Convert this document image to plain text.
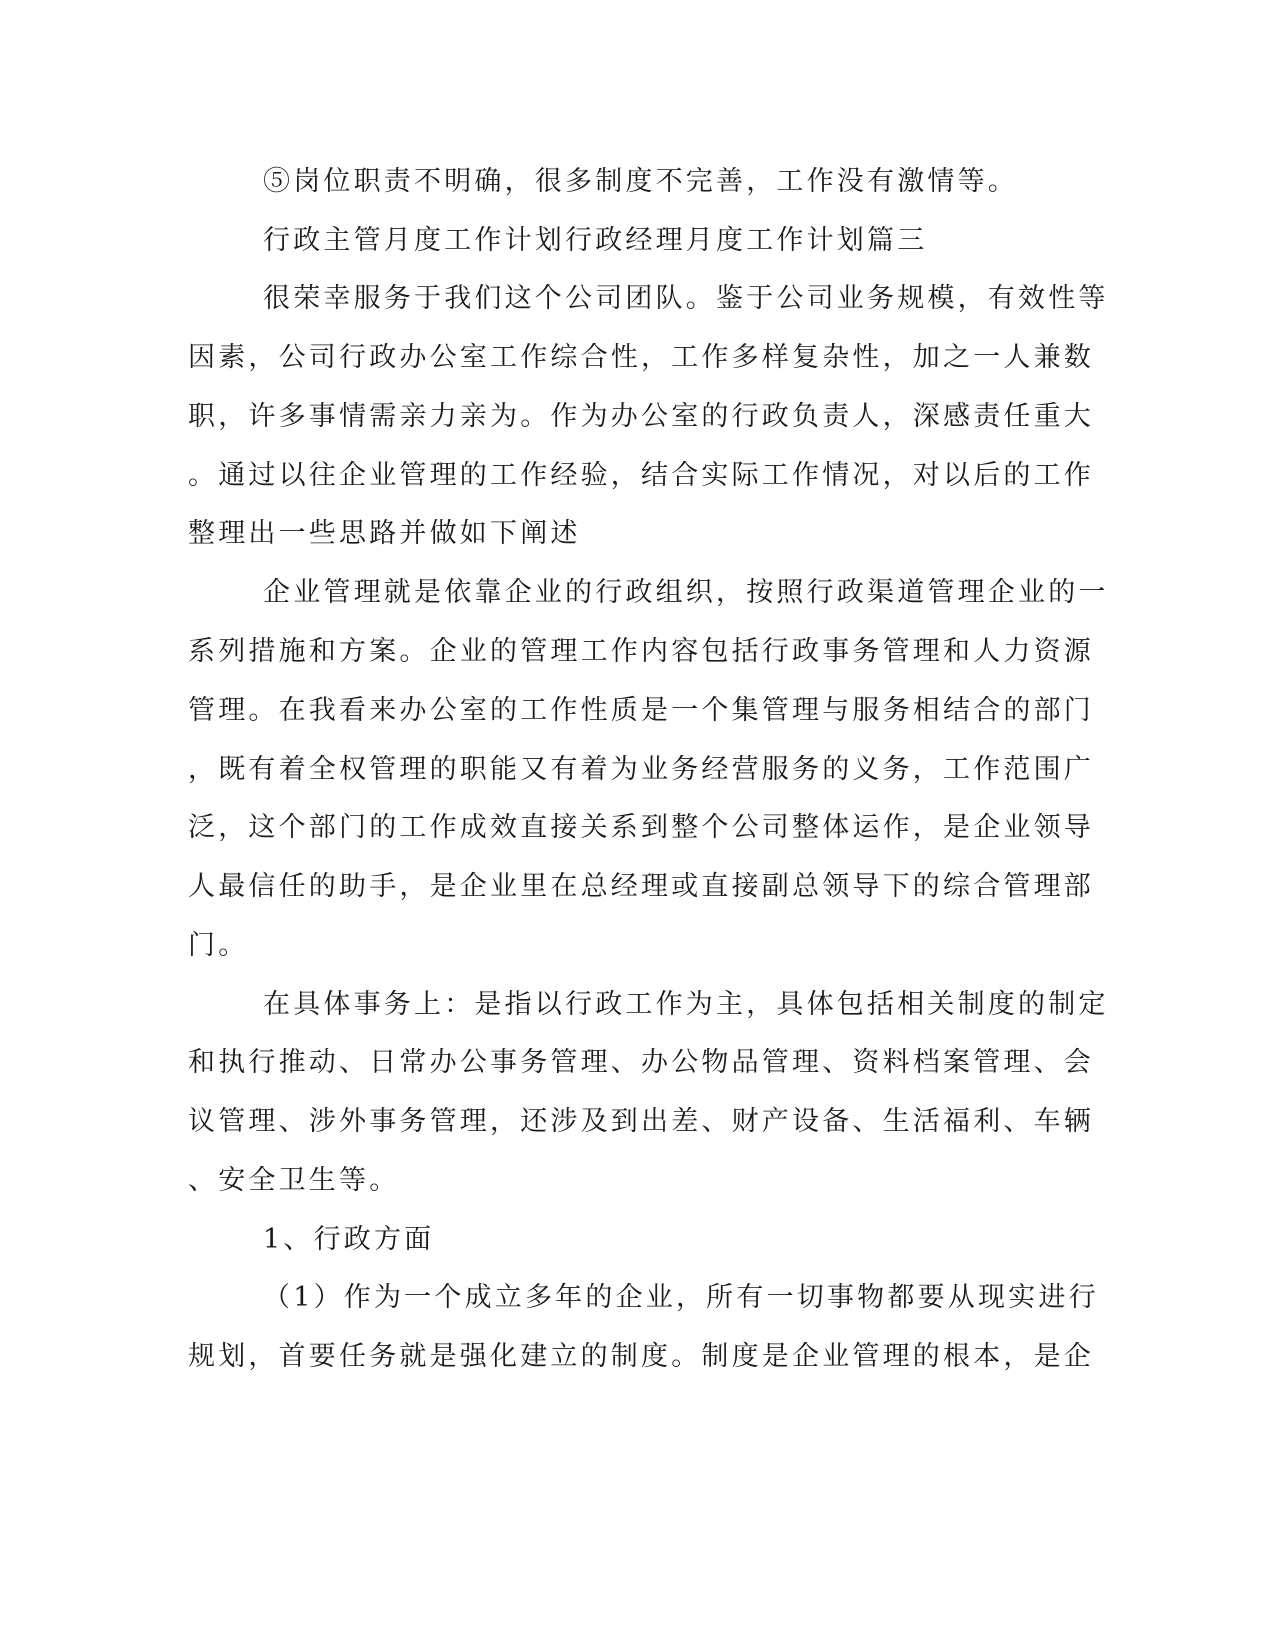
⑤岗位职责不明确，很多制度不完善，工作没有激情等。
行政主管月度工作计划行政经理月度工作计划篇三
很荣幸服务于我们这个公司团队。鉴于公司业务规模，有效性等
因素，公司行政办公室工作综合性，工作多样复杂性，加之一人兼数
职，许多事情需亲力亲为。作为办公室的行政负责人，深感责任重大
。通过以往企业管理的工作经验，结合实际工作情况，对以后的工作
整理出一些思路并做如下阐述
企业管理就是依靠企业的行政组织，按照行政渠道管理企业的一
系列措施和方案。企业的管理工作内容包括行政事务管理和人力资源
管理。在我看来办公室的工作性质是一个集管理与服务相结合的部门
，既有着全权管理的职能又有着为业务经营服务的义务，工作范围广
泛，这个部门的工作成效直接关系到整个公司整体运作，是企业领导
人最信任的助手，是企业里在总经理或直接副总领导下的综合管理部
门。
在具体事务上：是指以行政工作为主，具体包括相关制度的制定
和执行推动、日常办公事务管理、办公物品管理、资料档案管理、会
议管理、涉外事务管理，还涉及到出差、财产设备、生活福利、车辆
、安全卫生等。
1、行政方面
（1）作为一个成立多年的企业，所有一切事物都要从现实进行
规划，首要任务就是强化建立的制度。制度是企业管理的根本，是企
